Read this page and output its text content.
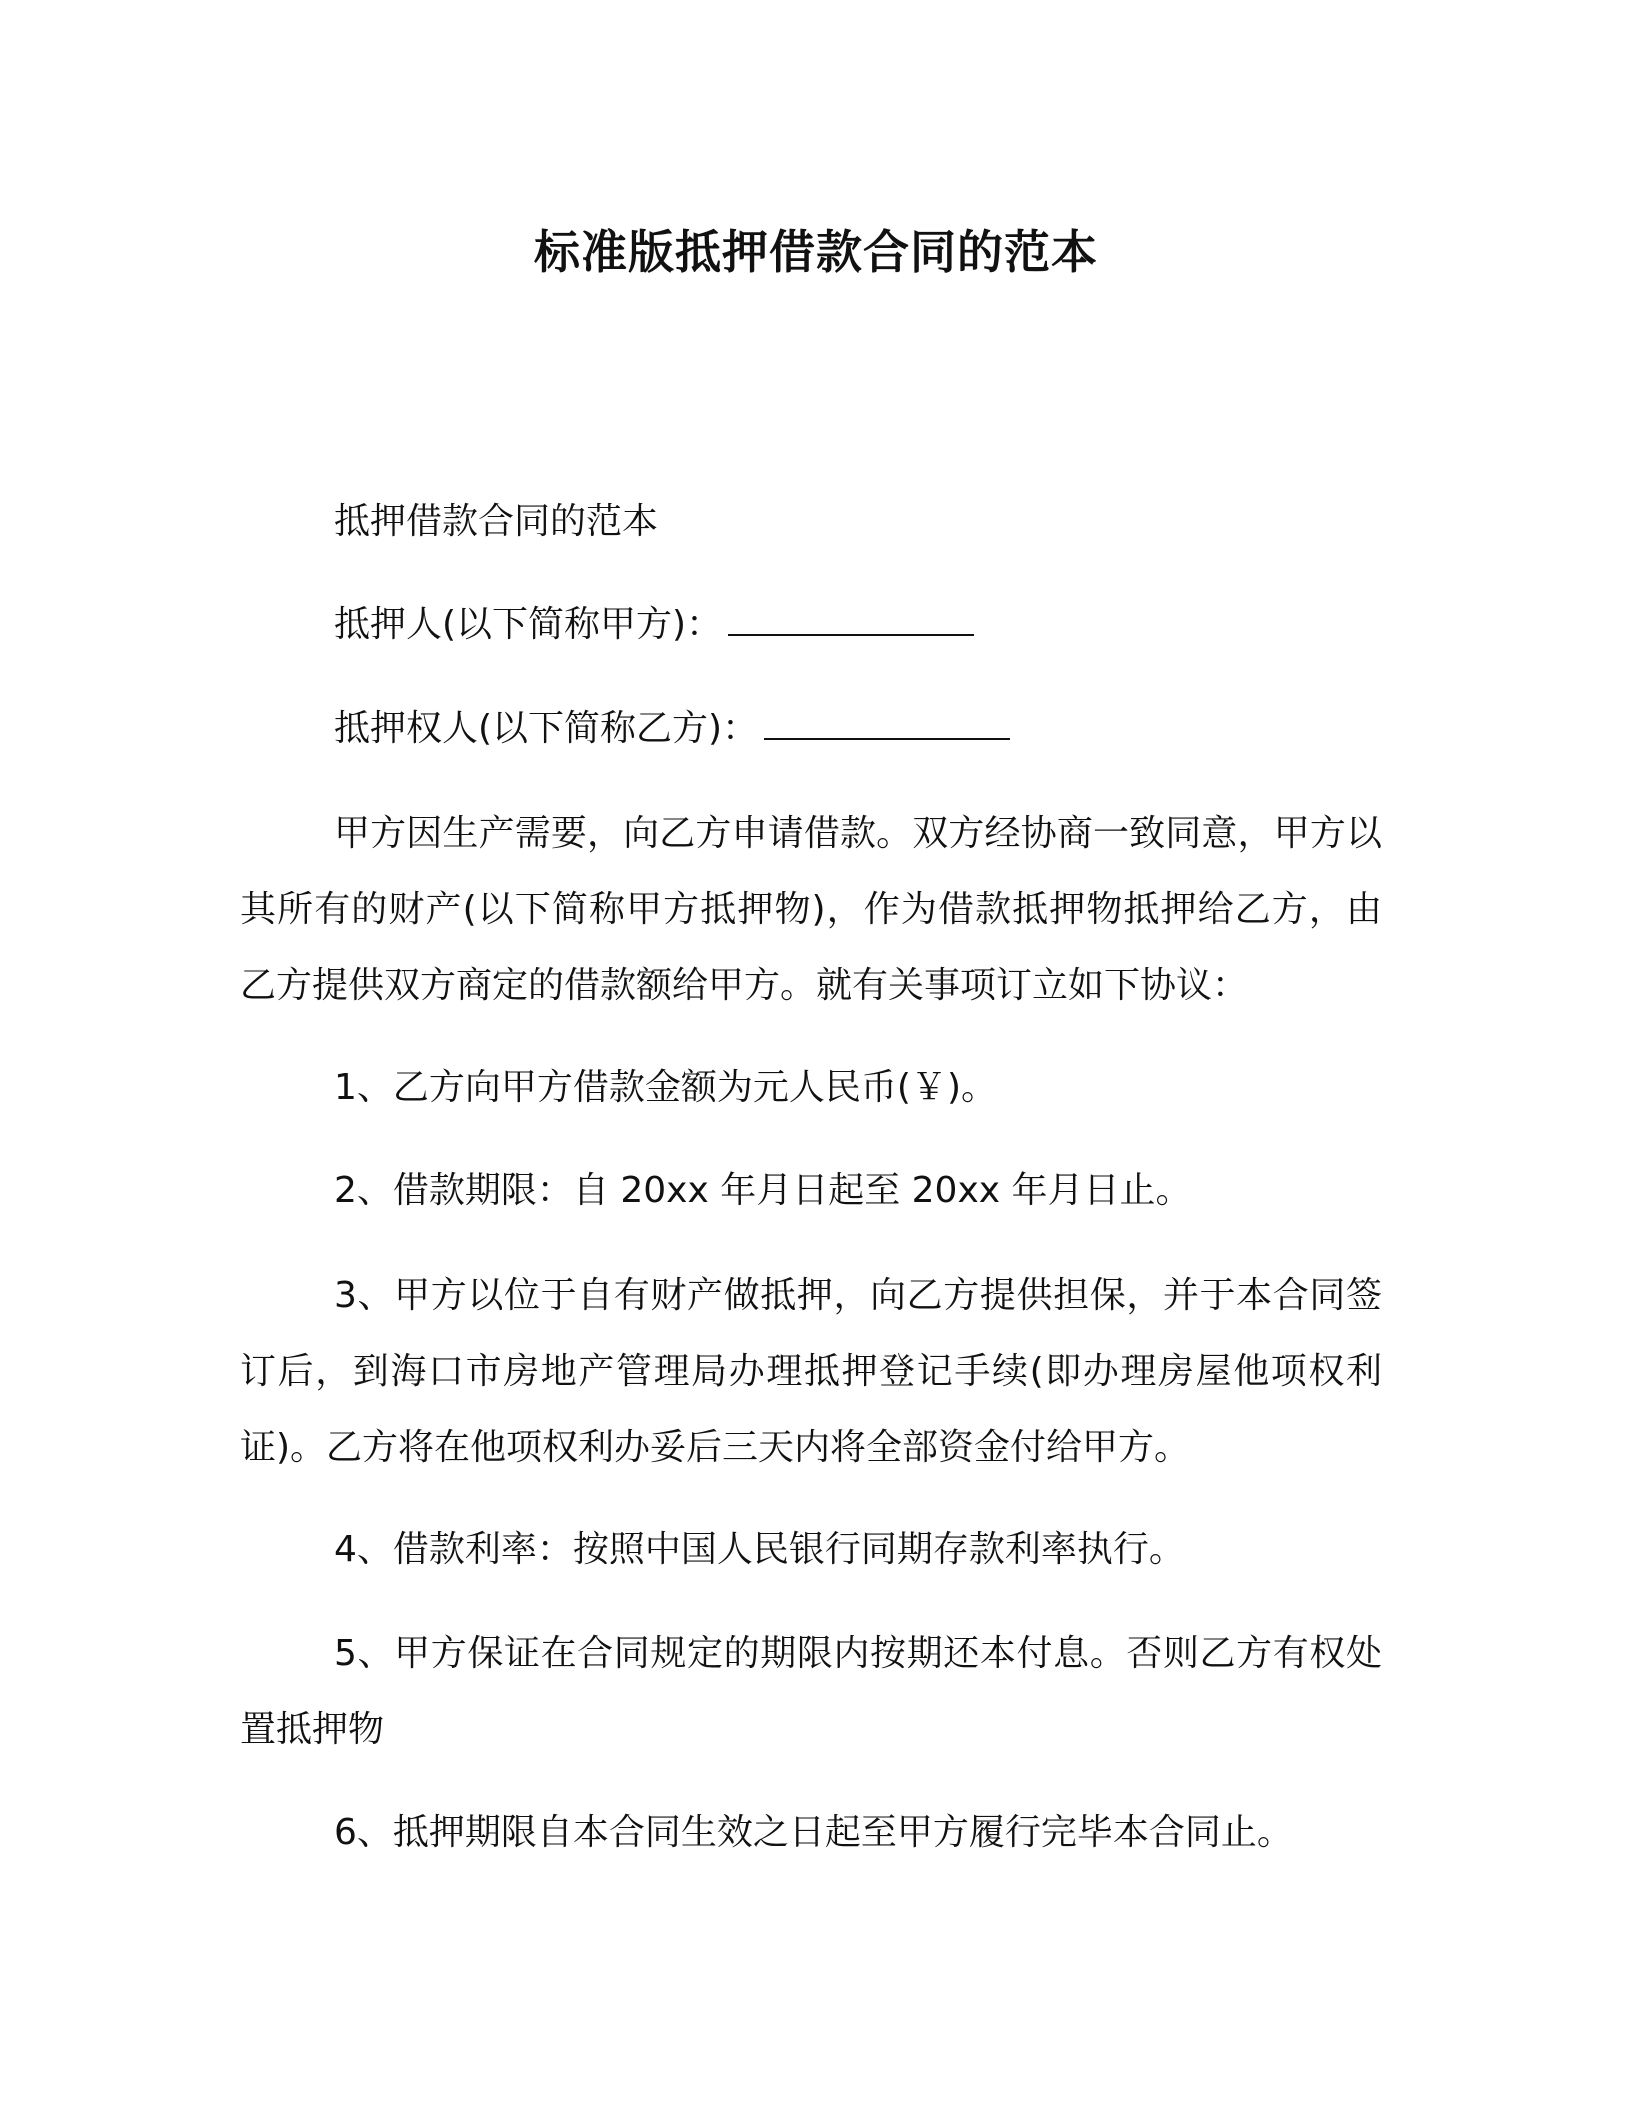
标准版抵押借款合同的范本

抵押借款合同的范本

抵押人(以下简称甲方)：

抵押权人(以下简称乙方)：

甲方因生产需要，向乙方申请借款。双方经协商一致同意，甲方以其所有的财产(以下简称甲方抵押物)，作为借款抵押物抵押给乙方，由乙方提供双方商定的借款额给甲方。就有关事项订立如下协议：

1、乙方向甲方借款金额为元人民币(￥)。

2、借款期限：自 20xx 年月日起至 20xx 年月日止。

3、甲方以位于自有财产做抵押，向乙方提供担保，并于本合同签订后，到海口市房地产管理局办理抵押登记手续(即办理房屋他项权利证)。乙方将在他项权利办妥后三天内将全部资金付给甲方。

4、借款利率：按照中国人民银行同期存款利率执行。

5、甲方保证在合同规定的期限内按期还本付息。否则乙方有权处置抵押物

6、抵押期限自本合同生效之日起至甲方履行完毕本合同止。
